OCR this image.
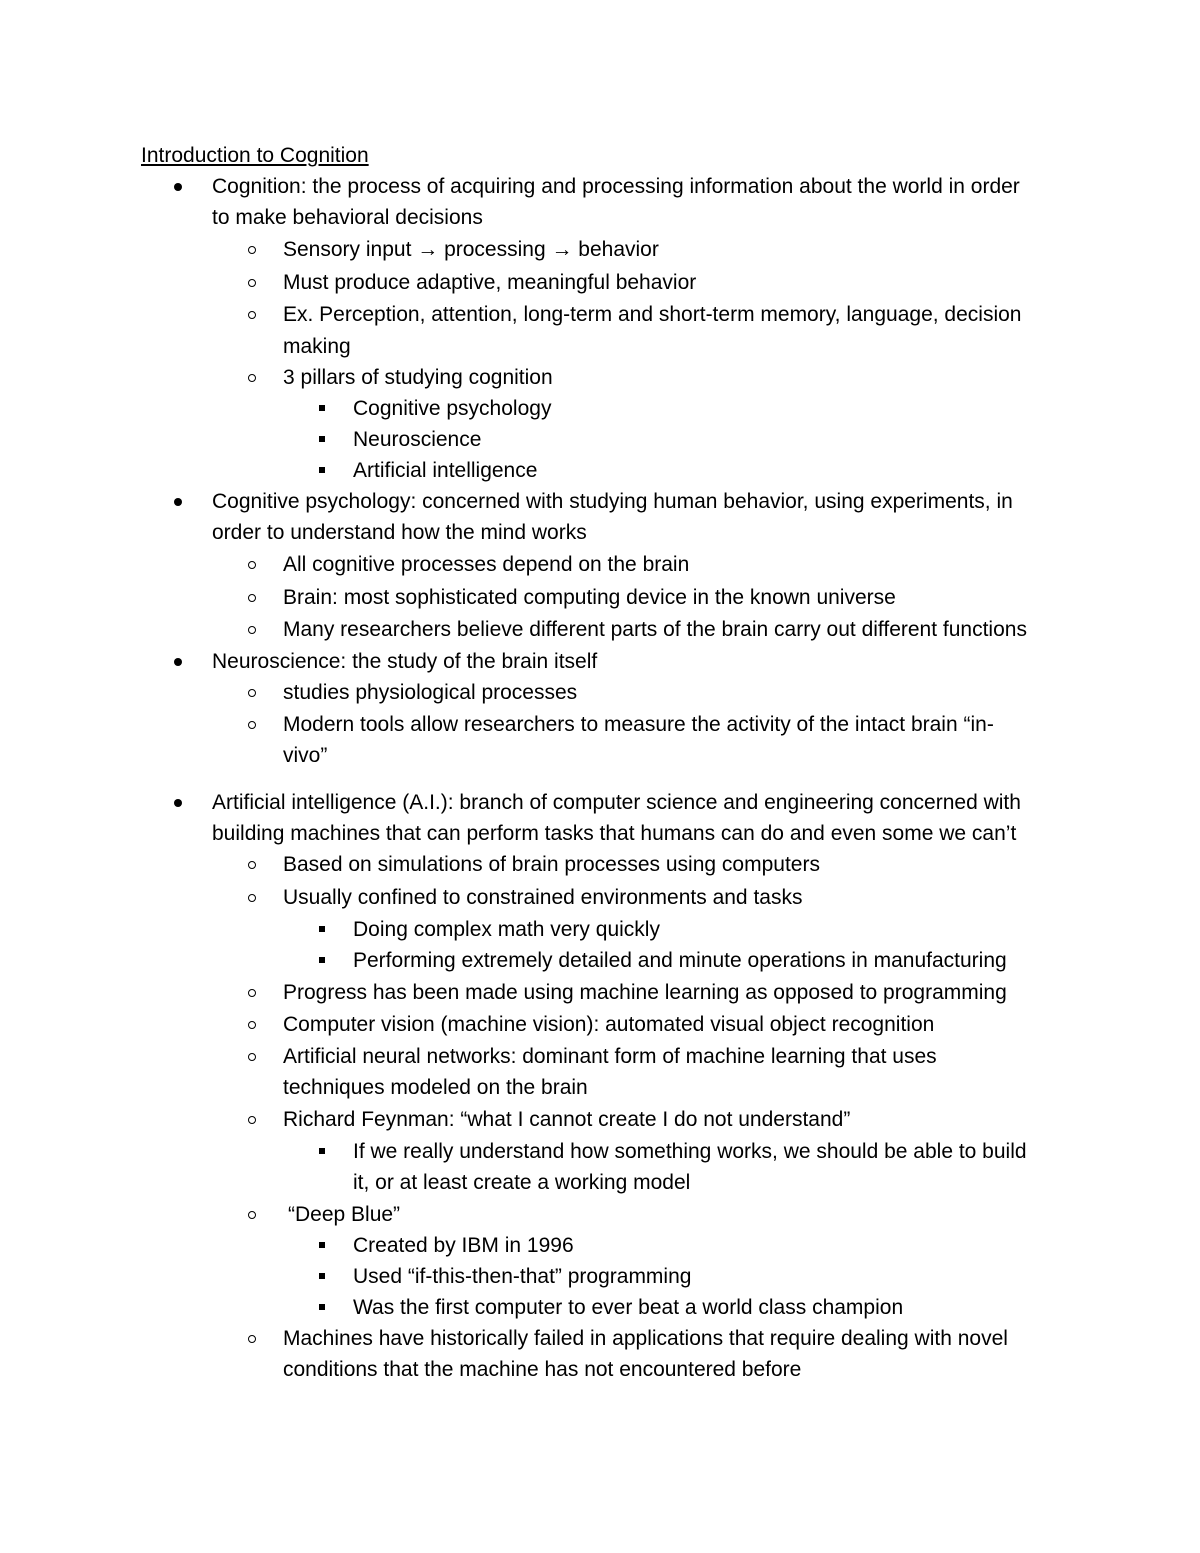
Introduction to Cognition
Cognition: the process of acquiring and processing information about the world in order
to make behavioral decisions
Sensory input → processing → behavior
Must produce adaptive, meaningful behavior
Ex. Perception, attention, long-term and short-term memory, language, decision
making
3 pillars of studying cognition
Cognitive psychology
Neuroscience
Artificial intelligence
Cognitive psychology: concerned with studying human behavior, using experiments, in
order to understand how the mind works
All cognitive processes depend on the brain
Brain: most sophisticated computing device in the known universe
Many researchers believe different parts of the brain carry out different functions
Neuroscience: the study of the brain itself
studies physiological processes
Modern tools allow researchers to measure the activity of the intact brain “in-
vivo”
Artificial intelligence (A.I.): branch of computer science and engineering concerned with
building machines that can perform tasks that humans can do and even some we can’t
Based on simulations of brain processes using computers
Usually confined to constrained environments and tasks
Doing complex math very quickly
Performing extremely detailed and minute operations in manufacturing
Progress has been made using machine learning as opposed to programming
Computer vision (machine vision): automated visual object recognition
Artificial neural networks: dominant form of machine learning that uses
techniques modeled on the brain
Richard Feynman: “what I cannot create I do not understand”
If we really understand how something works, we should be able to build
it, or at least create a working model
“Deep Blue”
Created by IBM in 1996
Used “if-this-then-that” programming
Was the first computer to ever beat a world class champion
Machines have historically failed in applications that require dealing with novel
conditions that the machine has not encountered before
